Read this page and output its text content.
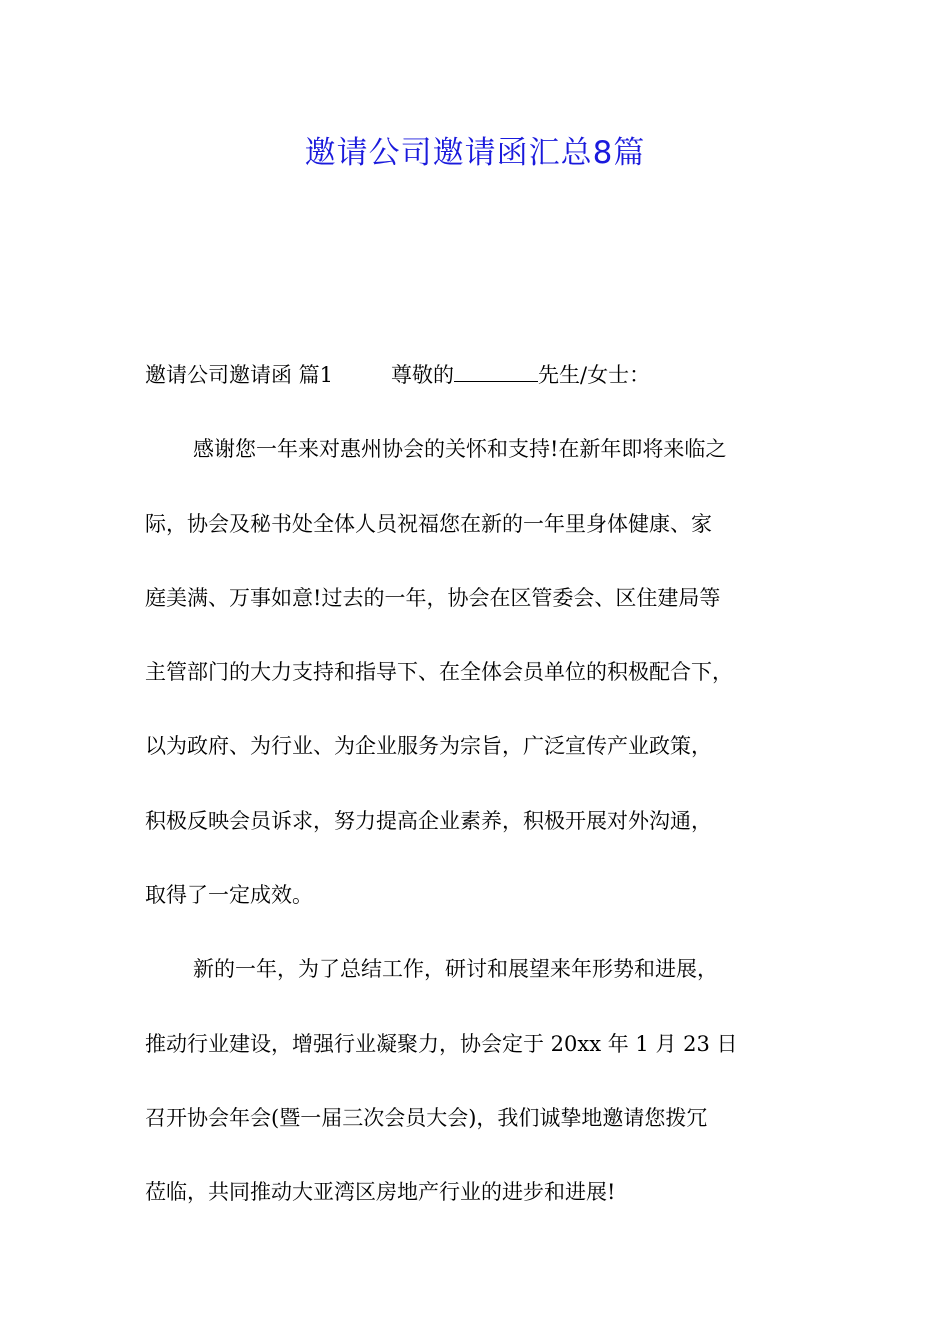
邀请公司邀请函汇总8篇
邀请公司邀请函 篇1	尊敬的	先生/女士：
感谢您一年来对惠州协会的关怀和支持!在新年即将来临之
际，协会及秘书处全体人员祝福您在新的一年里身体健康、家
庭美满、万事如意!过去的一年，协会在区管委会、区住建局等
主管部门的大力支持和指导下、在全体会员单位的积极配合下，
以为政府、为行业、为企业服务为宗旨，广泛宣传产业政策，
积极反映会员诉求，努力提高企业素养，积极开展对外沟通，
取得了一定成效。
新的一年，为了总结工作，研讨和展望来年形势和进展，
推动行业建设，增强行业凝聚力，协会定于 20xx 年 1 月 23 日
召开协会年会(暨一届三次会员大会)，我们诚挚地邀请您拨冗
莅临，共同推动大亚湾区房地产行业的进步和进展!
